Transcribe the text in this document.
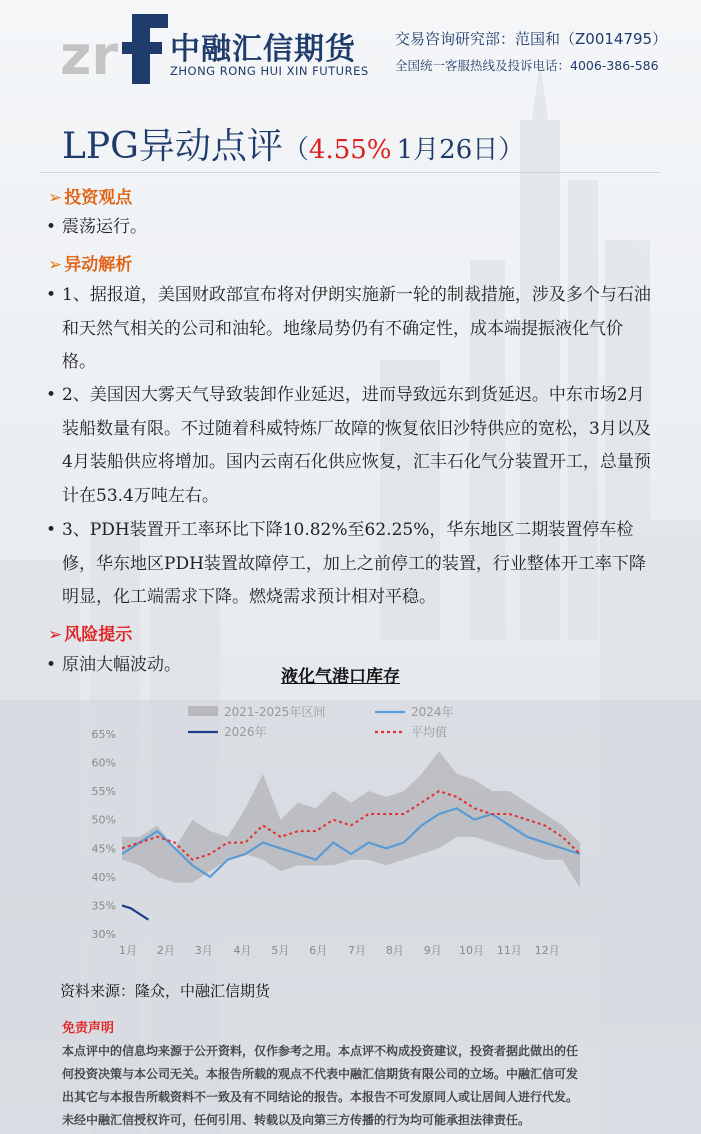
zr 中融汇信期货
ZHONG RONG HUI XIN FUTURES
交易咨询研究部：范国和（Z0014795）
全国统一客服热线及投诉电话：4006-386-586
LPG异动点评（4.55% 1月26日）
➢ 投资观点
• 震荡运行。
➢ 异动解析
• 1、据报道，美国财政部宣布将对伊朗实施新一轮的制裁措施，涉及多个与石油和天然气相关的公司和油轮。地缘局势仍有不确定性，成本端提振液化气价格。
• 2、美国因大雾天气导致装卸作业延迟，进而导致远东到货延迟。中东市场2月装船数量有限。不过随着科威特炼厂故障的恢复依旧沙特供应的宽松，3月以及4月装船供应将增加。国内云南石化供应恢复，汇丰石化气分装置开工，总量预计在53.4万吨左右。
• 3、PDH装置开工率环比下降10.82%至62.25%，华东地区二期装置停车检修，华东地区PDH装置故障停工，加上之前停工的装置，行业整体开工率下降明显，化工端需求下降。燃烧需求预计相对平稳。
➢ 风险提示
• 原油大幅波动。
液化气港口库存
30%
35%
40%
45%
50%
55%
60%
65%
1月 2月 3月 4月 5月 6月 7月 8月 9月 10月 11月 12月
2021-2025年区间	2024年
2026年	平均值
资料来源：隆众，中融汇信期货
免责声明
本点评中的信息均来源于公开资料，仅作参考之用。本点评不构成投资建议，投资者据此做出的任
何投资决策与本公司无关。本报告所载的观点不代表中融汇信期货有限公司的立场。中融汇信可发
出其它与本报告所载资料不一致及有不同结论的报告。本报告不可发原同人或让居间人进行代发。
未经中融汇信授权许可，任何引用、转载以及向第三方传播的行为均可能承担法律责任。
